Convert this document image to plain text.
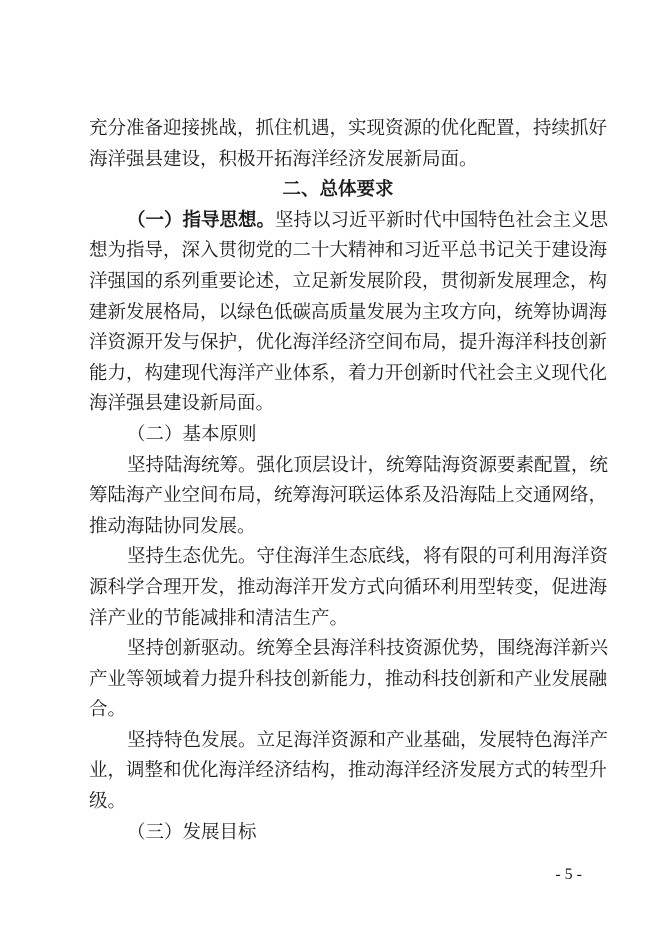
充分准备迎接挑战，抓住机遇，实现资源的优化配置，持续抓好
海洋强县建设，积极开拓海洋经济发展新局面。
二、总体要求
（一）指导思想。坚持以习近平新时代中国特色社会主义思
想为指导，深入贯彻党的二十大精神和习近平总书记关于建设海
洋强国的系列重要论述，立足新发展阶段，贯彻新发展理念，构
建新发展格局，以绿色低碳高质量发展为主攻方向，统筹协调海
洋资源开发与保护，优化海洋经济空间布局，提升海洋科技创新
能力，构建现代海洋产业体系，着力开创新时代社会主义现代化
海洋强县建设新局面。
（二）基本原则
坚持陆海统筹。强化顶层设计，统筹陆海资源要素配置，统
筹陆海产业空间布局，统筹海河联运体系及沿海陆上交通网络，
推动海陆协同发展。
坚持生态优先。守住海洋生态底线，将有限的可利用海洋资
源科学合理开发，推动海洋开发方式向循环利用型转变，促进海
洋产业的节能减排和清洁生产。
坚持创新驱动。统筹全县海洋科技资源优势，围绕海洋新兴
产业等领域着力提升科技创新能力，推动科技创新和产业发展融
合。
坚持特色发展。立足海洋资源和产业基础，发展特色海洋产
业，调整和优化海洋经济结构，推动海洋经济发展方式的转型升
级。
（三）发展目标
- 5 -
